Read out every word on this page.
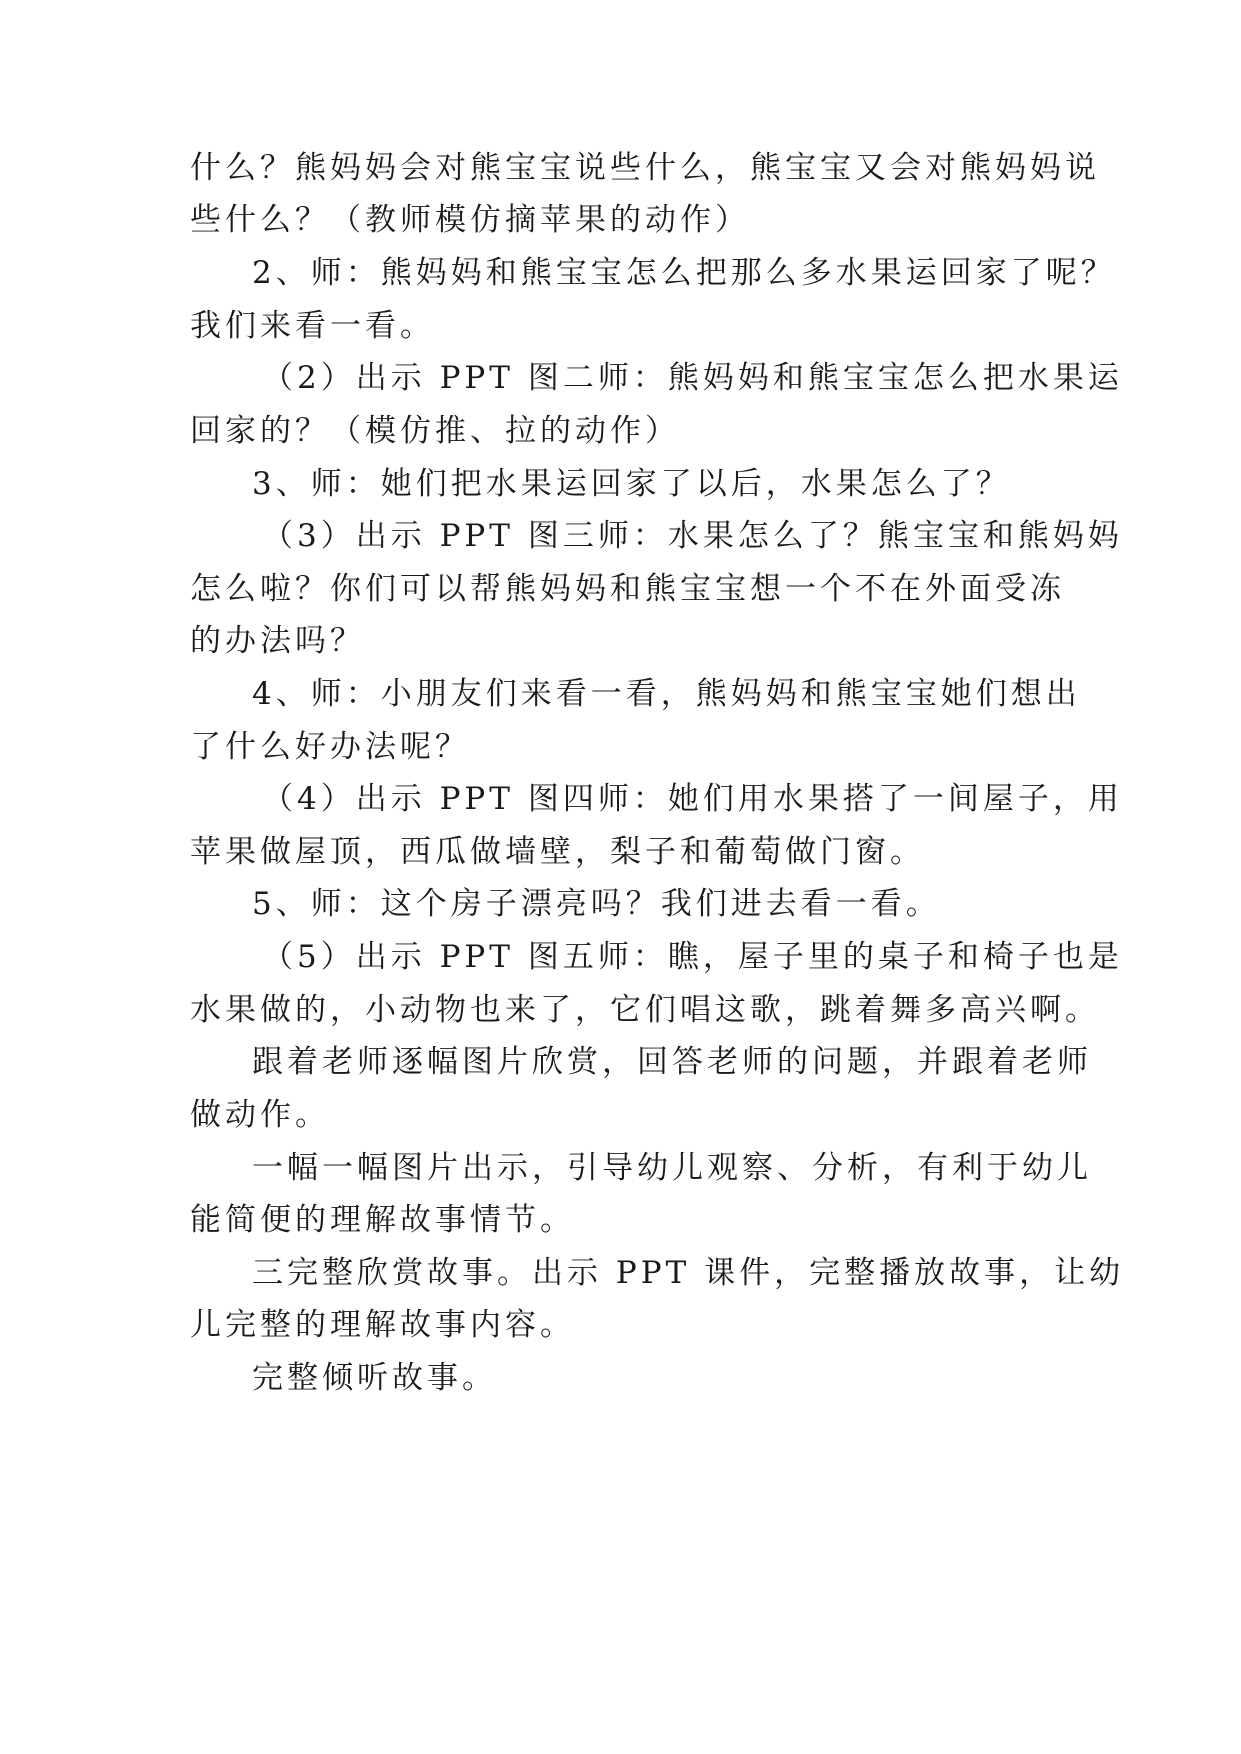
什么？熊妈妈会对熊宝宝说些什么，熊宝宝又会对熊妈妈说
些什么？（教师模仿摘苹果的动作）
2、师：熊妈妈和熊宝宝怎么把那么多水果运回家了呢？
我们来看一看。
（2）出示 PPT 图二师：熊妈妈和熊宝宝怎么把水果运
回家的？（模仿推、拉的动作）
3、师：她们把水果运回家了以后，水果怎么了？
（3）出示 PPT 图三师：水果怎么了？熊宝宝和熊妈妈
怎么啦？你们可以帮熊妈妈和熊宝宝想一个不在外面受冻
的办法吗？
4、师：小朋友们来看一看，熊妈妈和熊宝宝她们想出
了什么好办法呢？
（4）出示 PPT 图四师：她们用水果搭了一间屋子，用
苹果做屋顶，西瓜做墙壁，梨子和葡萄做门窗。
5、师：这个房子漂亮吗？我们进去看一看。
（5）出示 PPT 图五师：瞧，屋子里的桌子和椅子也是
水果做的，小动物也来了，它们唱这歌，跳着舞多高兴啊。
跟着老师逐幅图片欣赏，回答老师的问题，并跟着老师
做动作。
一幅一幅图片出示，引导幼儿观察、分析，有利于幼儿
能简便的理解故事情节。
三完整欣赏故事。出示 PPT 课件，完整播放故事，让幼
儿完整的理解故事内容。
完整倾听故事。
